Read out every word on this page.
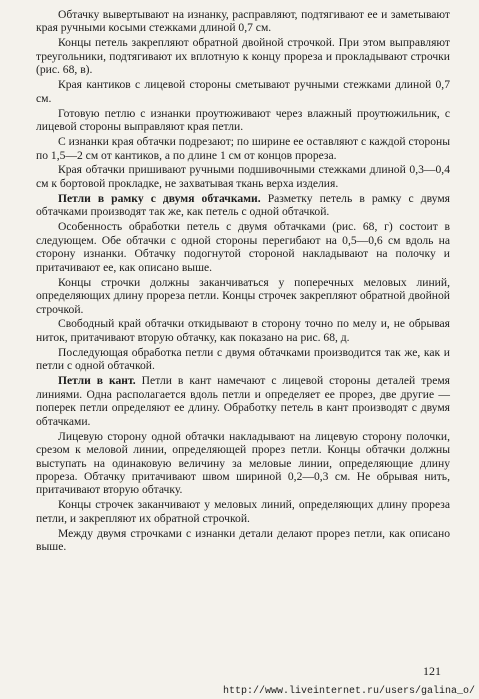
Обтачку вывертывают на изнанку, расправляют, подтягивают ее и заметывают края ручными косыми стежками длиной 0,7 см.

Концы петель закрепляют обратной двойной строчкой. При этом выправляют треугольники, подтягивают их вплотную к концу прореза и прокладывают строчки (рис. 68, в).

Края кантиков с лицевой стороны сметывают ручными стежками длиной 0,7 см.

Готовую петлю с изнанки проутюживают через влажный проутюжильник, с лицевой стороны выправляют края петли.

С изнанки края обтачки подрезают; по ширине ее оставляют с каждой стороны по 1,5—2 см от кантиков, а по длине 1 см от концов прореза.

Края обтачки пришивают ручными подшивочными стежками длиной 0,3—0,4 см к бортовой прокладке, не захватывая ткань верха изделия.

Петли в рамку с двумя обтачками. Разметку петель в рамку с двумя обтачками производят так же, как петель с одной обтачкой.

Особенность обработки петель с двумя обтачками (рис. 68, г) состоит в следующем. Обе обтачки с одной стороны перегибают на 0,5—0,6 см вдоль на сторону изнанки. Обтачку подогнутой стороной накладывают на полочку и притачивают ее, как описано выше.

Концы строчки должны заканчиваться у поперечных меловых линий, определяющих длину прореза петли. Концы строчек закрепляют обратной двойной строчкой.

Свободный край обтачки откидывают в сторону точно по мелу и, не обрывая ниток, притачивают вторую обтачку, как показано на рис. 68, д.

Последующая обработка петли с двумя обтачками производится так же, как и петли с одной обтачкой.

Петли в кант. Петли в кант намечают с лицевой стороны деталей тремя линиями. Одна располагается вдоль петли и определяет ее прорез, две другие — поперек петли определяют ее длину. Обработку петель в кант производят с двумя обтачками.

Лицевую сторону одной обтачки накладывают на лицевую сторону полочки, срезом к меловой линии, определяющей прорез петли. Концы обтачки должны выступать на одинаковую величину за меловые линии, определяющие длину прореза. Обтачку притачивают швом шириной 0,2—0,3 см. Не обрывая нить, притачивают вторую обтачку.

Концы строчек заканчивают у меловых линий, определяющих длину прореза петли, и закрепляют их обратной строчкой.

Между двумя строчками с изнанки детали делают прорез петли, как описано выше.

121
http://www.liveinternet.ru/users/galina_o/
